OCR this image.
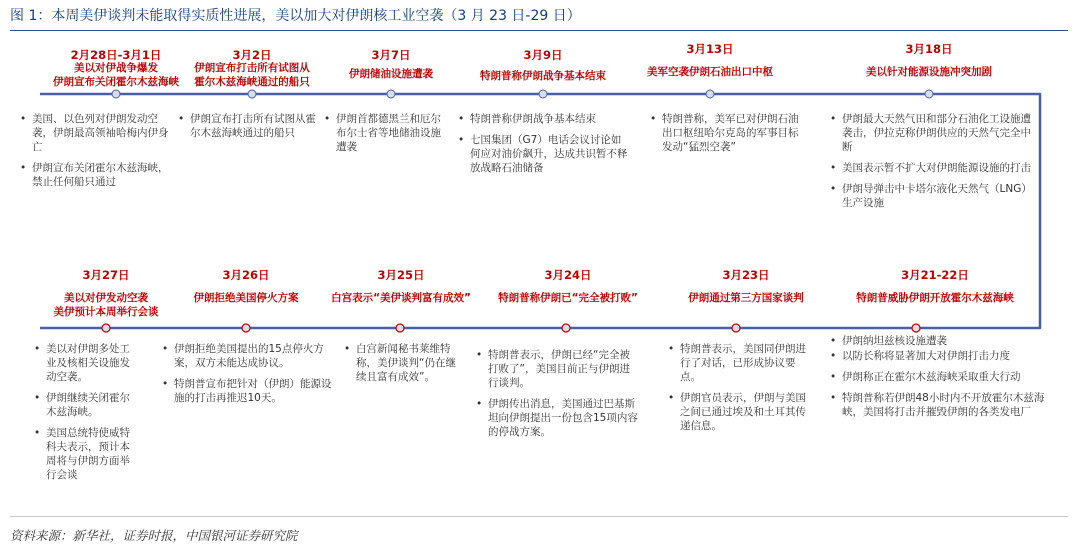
图 1：本周美伊谈判未能取得实质性进展，美以加大对伊朗核工业空袭（3 月 23 日-29 日）
2月28日-3月1日
美以对伊战争爆发
伊朗宣布关闭霍尔木兹海峡
3月2日
伊朗宣布打击所有试图从
霍尔木兹海峡通过的船只
3月7日
伊朗储油设施遭袭
3月9日
特朗普称伊朗战争基本结束
3月13日
美军空袭伊朗石油出口中枢
3月18日
美以针对能源设施冲突加剧
• 美国、以色列对伊朗发动空袭，伊朗最高领袖哈梅内伊身亡
• 伊朗宣布关闭霍尔木兹海峡，禁止任何船只通过
• 伊朗宣布打击所有试图从霍尔木兹海峡通过的船只
• 伊朗首都德黑兰和厄尔布尔士省等地储油设施遭袭
• 特朗普称伊朗战争基本结束
• 七国集团（G7）电话会议讨论如何应对油价飙升，达成共识暂不释放战略石油储备
• 特朗普称，美军已对伊朗石油出口枢纽哈尔克岛的军事目标发动“猛烈空袭”
• 伊朗最大天然气田和部分石油化工设施遭袭击，伊拉克称伊朗供应的天然气完全中断
• 美国表示暂不扩大对伊朗能源设施的打击
• 伊朗导弹击中卡塔尔液化天然气（LNG）生产设施
3月27日
美以对伊发动空袭
美伊预计本周举行会谈
3月26日
伊朗拒绝美国停火方案
3月25日
白宫表示“美伊谈判富有成效”
3月24日
特朗普称伊朗已“完全被打败”
3月23日
伊朗通过第三方国家谈判
3月21-22日
特朗普威胁伊朗开放霍尔木兹海峡
• 美以对伊朗多处工业及核相关设施发动空袭。
• 伊朗继续关闭霍尔木兹海峡。
• 美国总统特使威特科夫表示，预计本周将与伊朗方面举行会谈
• 伊朗拒绝美国提出的15点停火方案，双方未能达成协议。
• 特朗普宣布把针对（伊朗）能源设施的打击再推迟10天。
• 白宫新闻秘书莱维特称，美伊谈判“仍在继续且富有成效”。
• 特朗普表示，伊朗已经“完全被打败了”，美国目前正与伊朗进行谈判。
• 伊朗传出消息，美国通过巴基斯坦向伊朗提出一份包含15项内容的停战方案。
• 特朗普表示，美国同伊朗进行了对话，已形成协议要点。
• 伊朗官员表示，伊朗与美国之间已通过埃及和土耳其传递信息。
• 伊朗纳坦兹核设施遭袭
• 以防长称将显著加大对伊朗打击力度
• 伊朗称正在霍尔木兹海峡采取重大行动
• 特朗普称若伊朗48小时内不开放霍尔木兹海峡，美国将打击并摧毁伊朗的各类发电厂
资料来源：新华社，证券时报，中国银河证券研究院
